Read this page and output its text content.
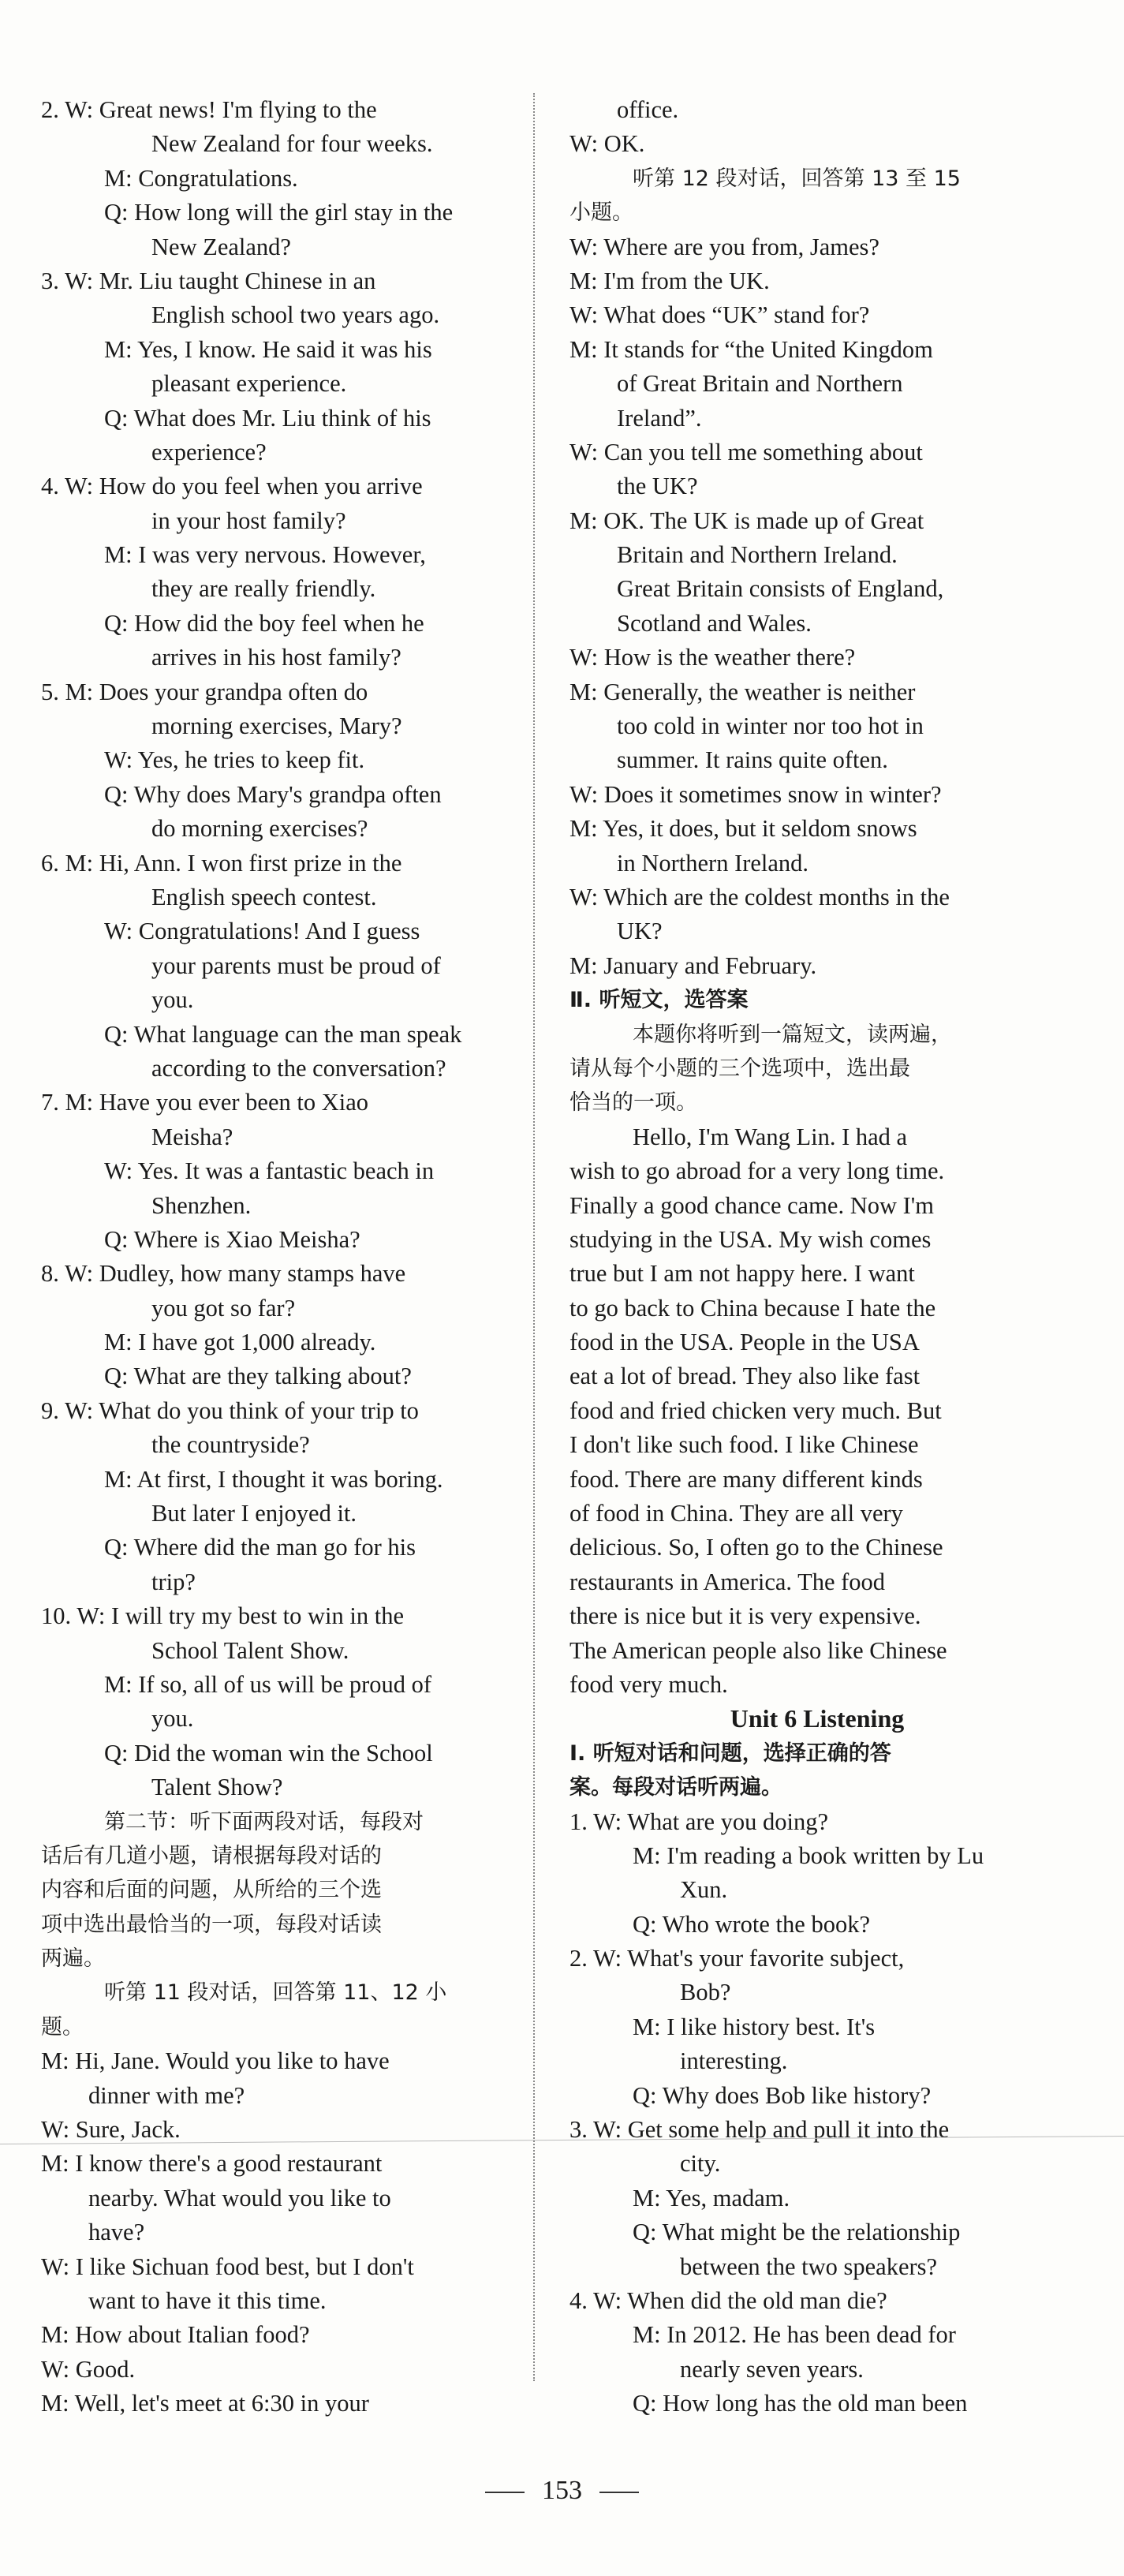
2. W: Great news! I'm flying to the
New Zealand for four weeks.
M: Congratulations.
Q: How long will the girl stay in the
New Zealand?
3. W: Mr. Liu taught Chinese in an
English school two years ago.
M: Yes, I know. He said it was his
pleasant experience.
Q: What does Mr. Liu think of his
experience?
4. W: How do you feel when you arrive
in your host family?
M: I was very nervous. However,
they are really friendly.
Q: How did the boy feel when he
arrives in his host family?
5. M: Does your grandpa often do
morning exercises, Mary?
W: Yes, he tries to keep fit.
Q: Why does Mary's grandpa often
do morning exercises?
6. M: Hi, Ann. I won first prize in the
English speech contest.
W: Congratulations! And I guess
your parents must be proud of
you.
Q: What language can the man speak
according to the conversation?
7. M: Have you ever been to Xiao
Meisha?
W: Yes. It was a fantastic beach in
Shenzhen.
Q: Where is Xiao Meisha?
8. W: Dudley, how many stamps have
you got so far?
M: I have got 1,000 already.
Q: What are they talking about?
9. W: What do you think of your trip to
the countryside?
M: At first, I thought it was boring.
But later I enjoyed it.
Q: Where did the man go for his
trip?
10. W: I will try my best to win in the
School Talent Show.
M: If so, all of us will be proud of
you.
Q: Did the woman win the School
Talent Show?
第二节：听下面两段对话，每段对
话后有几道小题，请根据每段对话的
内容和后面的问题，从所给的三个选
项中选出最恰当的一项，每段对话读
两遍。
听第 11 段对话，回答第 11、12 小
题。
M: Hi, Jane. Would you like to have
dinner with me?
W: Sure, Jack.
M: I know there's a good restaurant
nearby. What would you like to
have?
W: I like Sichuan food best, but I don't
want to have it this time.
M: How about Italian food?
W: Good.
M: Well, let's meet at 6:30 in your
office.
W: OK.
听第 12 段对话，回答第 13 至 15
小题。
W: Where are you from, James?
M: I'm from the UK.
W: What does “UK” stand for?
M: It stands for “the United Kingdom
of Great Britain and Northern
Ireland”.
W: Can you tell me something about
the UK?
M: OK. The UK is made up of Great
Britain and Northern Ireland.
Great Britain consists of England,
Scotland and Wales.
W: How is the weather there?
M: Generally, the weather is neither
too cold in winter nor too hot in
summer. It rains quite often.
W: Does it sometimes snow in winter?
M: Yes, it does, but it seldom snows
in Northern Ireland.
W: Which are the coldest months in the
UK?
M: January and February.
Ⅱ. 听短文，选答案
本题你将听到一篇短文，读两遍，
请从每个小题的三个选项中，选出最
恰当的一项。
Hello, I'm Wang Lin. I had a
wish to go abroad for a very long time.
Finally a good chance came. Now I'm
studying in the USA. My wish comes
true but I am not happy here. I want
to go back to China because I hate the
food in the USA. People in the USA
eat a lot of bread. They also like fast
food and fried chicken very much. But
I don't like such food. I like Chinese
food. There are many different kinds
of food in China. They are all very
delicious. So, I often go to the Chinese
restaurants in America. The food
there is nice but it is very expensive.
The American people also like Chinese
food very much.
Unit 6 Listening
Ⅰ. 听短对话和问题，选择正确的答
案。每段对话听两遍。
1. W: What are you doing?
M: I'm reading a book written by Lu
Xun.
Q: Who wrote the book?
2. W: What's your favorite subject,
Bob?
M: I like history best. It's
interesting.
Q: Why does Bob like history?
3. W: Get some help and pull it into the
city.
M: Yes, madam.
Q: What might be the relationship
between the two speakers?
4. W: When did the old man die?
M: In 2012. He has been dead for
nearly seven years.
Q: How long has the old man been
153
